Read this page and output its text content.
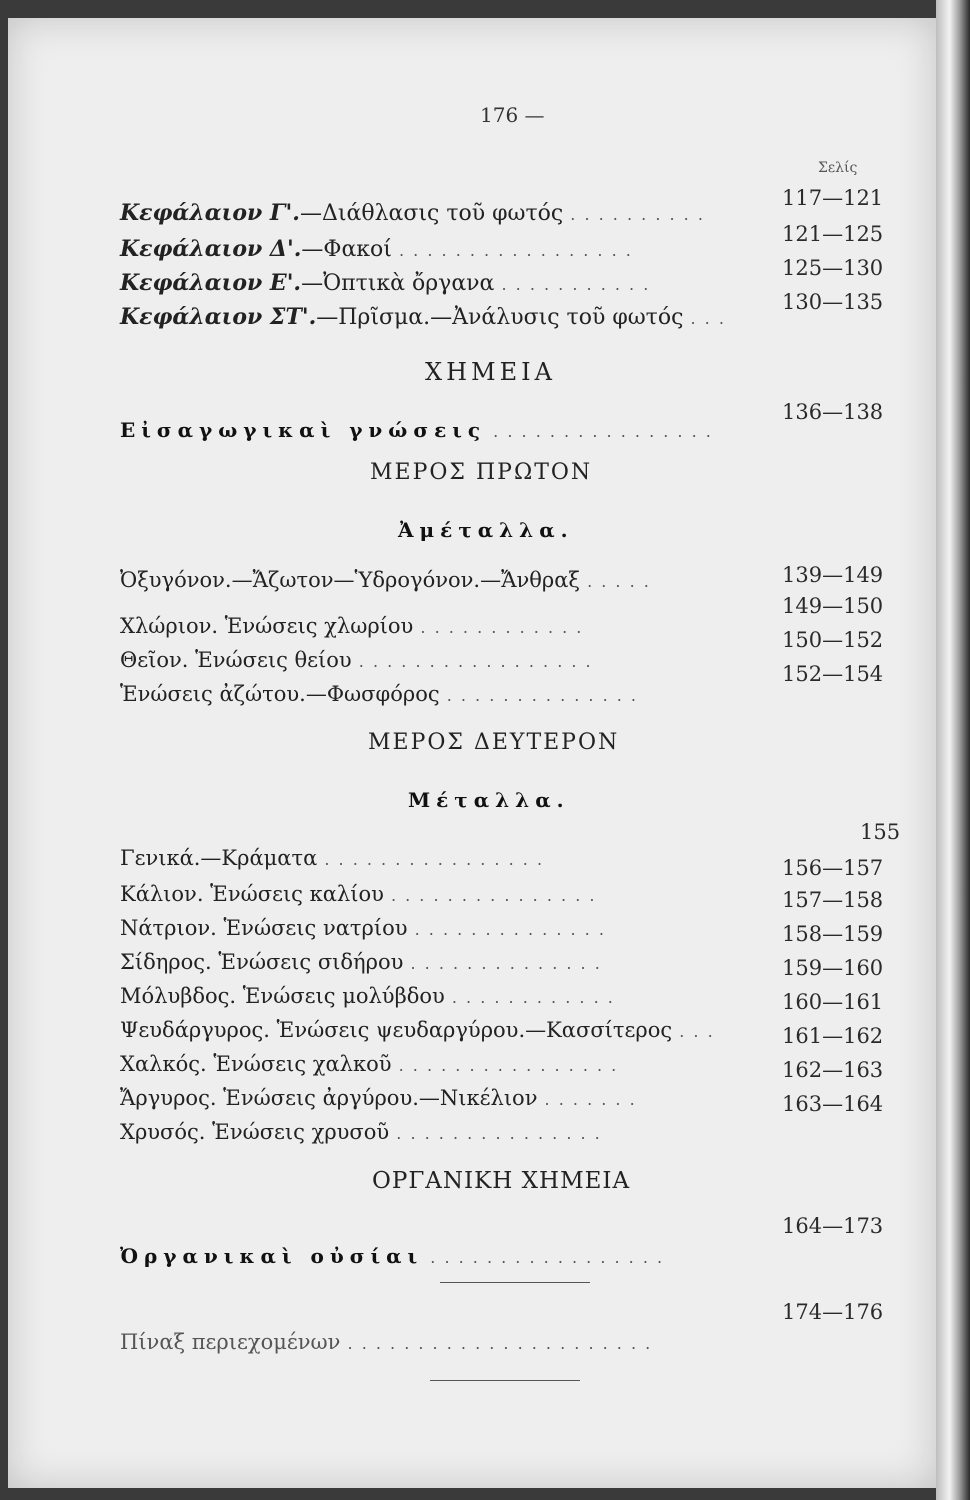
176 —
Σελίς
Κεφάλαιον Γ'.—Διάθλασις τοῦ φωτός . . . . . . . . . .
117—121
Κεφάλαιον Δ'.—Φακοί . . . . . . . . . . . . . . . . .
121—125
Κεφάλαιον Ε'.—Ὀπτικὰ ὄργανα . . . . . . . . . . .
125—130
Κεφάλαιον ΣΤ'.—Πρῖσμα.—Ἀνάλυσις τοῦ φωτός . . .
130—135
ΧΗΜΕΙΑ
Εἰσαγωγικαὶ γνώσεις . . . . . . . . . . . . . . . .
136—138
ΜΕΡΟΣ ΠΡΩΤΟΝ
Ἀμέταλλα.
Ὀξυγόνον.—Ἄζωτον—Ὑδρογόνον.—Ἄνθραξ . . . . .	139—149
Χλώριον. Ἑνώσεις χλωρίου . . . . . . . . . . . .
149—150
Θεῖον. Ἑνώσεις θείου . . . . . . . . . . . . . . . . .
150—152
Ἑνώσεις ἀζώτου.—Φωσφόρος . . . . . . . . . . . . . .
152—154
ΜΕΡΟΣ ΔΕΥΤΕΡΟΝ
Μέταλλα.
155
Γενικά.—Κράματα . . . . . . . . . . . . . . . .
Κάλιον. Ἑνώσεις καλίου . . . . . . . . . . . . . . .
156—157
Νάτριον. Ἑνώσεις νατρίου . . . . . . . . . . . . . .
157—158
Σίδηρος. Ἑνώσεις σιδήρου . . . . . . . . . . . . . .
158—159
Μόλυβδος. Ἑνώσεις μολύβδου . . . . . . . . . . . .
159—160
Ψευδάργυρος. Ἑνώσεις ψευδαργύρου.—Κασσίτερος . . .
160—161
Χαλκός. Ἑνώσεις χαλκοῦ . . . . . . . . . . . . . . . .
161—162
Ἄργυρος. Ἑνώσεις ἀργύρου.—Νικέλιον . . . . . . .
162—163
Χρυσός. Ἑνώσεις χρυσοῦ . . . . . . . . . . . . . . .
163—164
ΟΡΓΑΝΙΚΗ ΧΗΜΕΙΑ
164—173
Ὀργανικαὶ οὐσίαι . . . . . . . . . . . . . . . . .
174—176
Πίναξ περιεχομένων . . . . . . . . . . . . . . . . . . . . . .
